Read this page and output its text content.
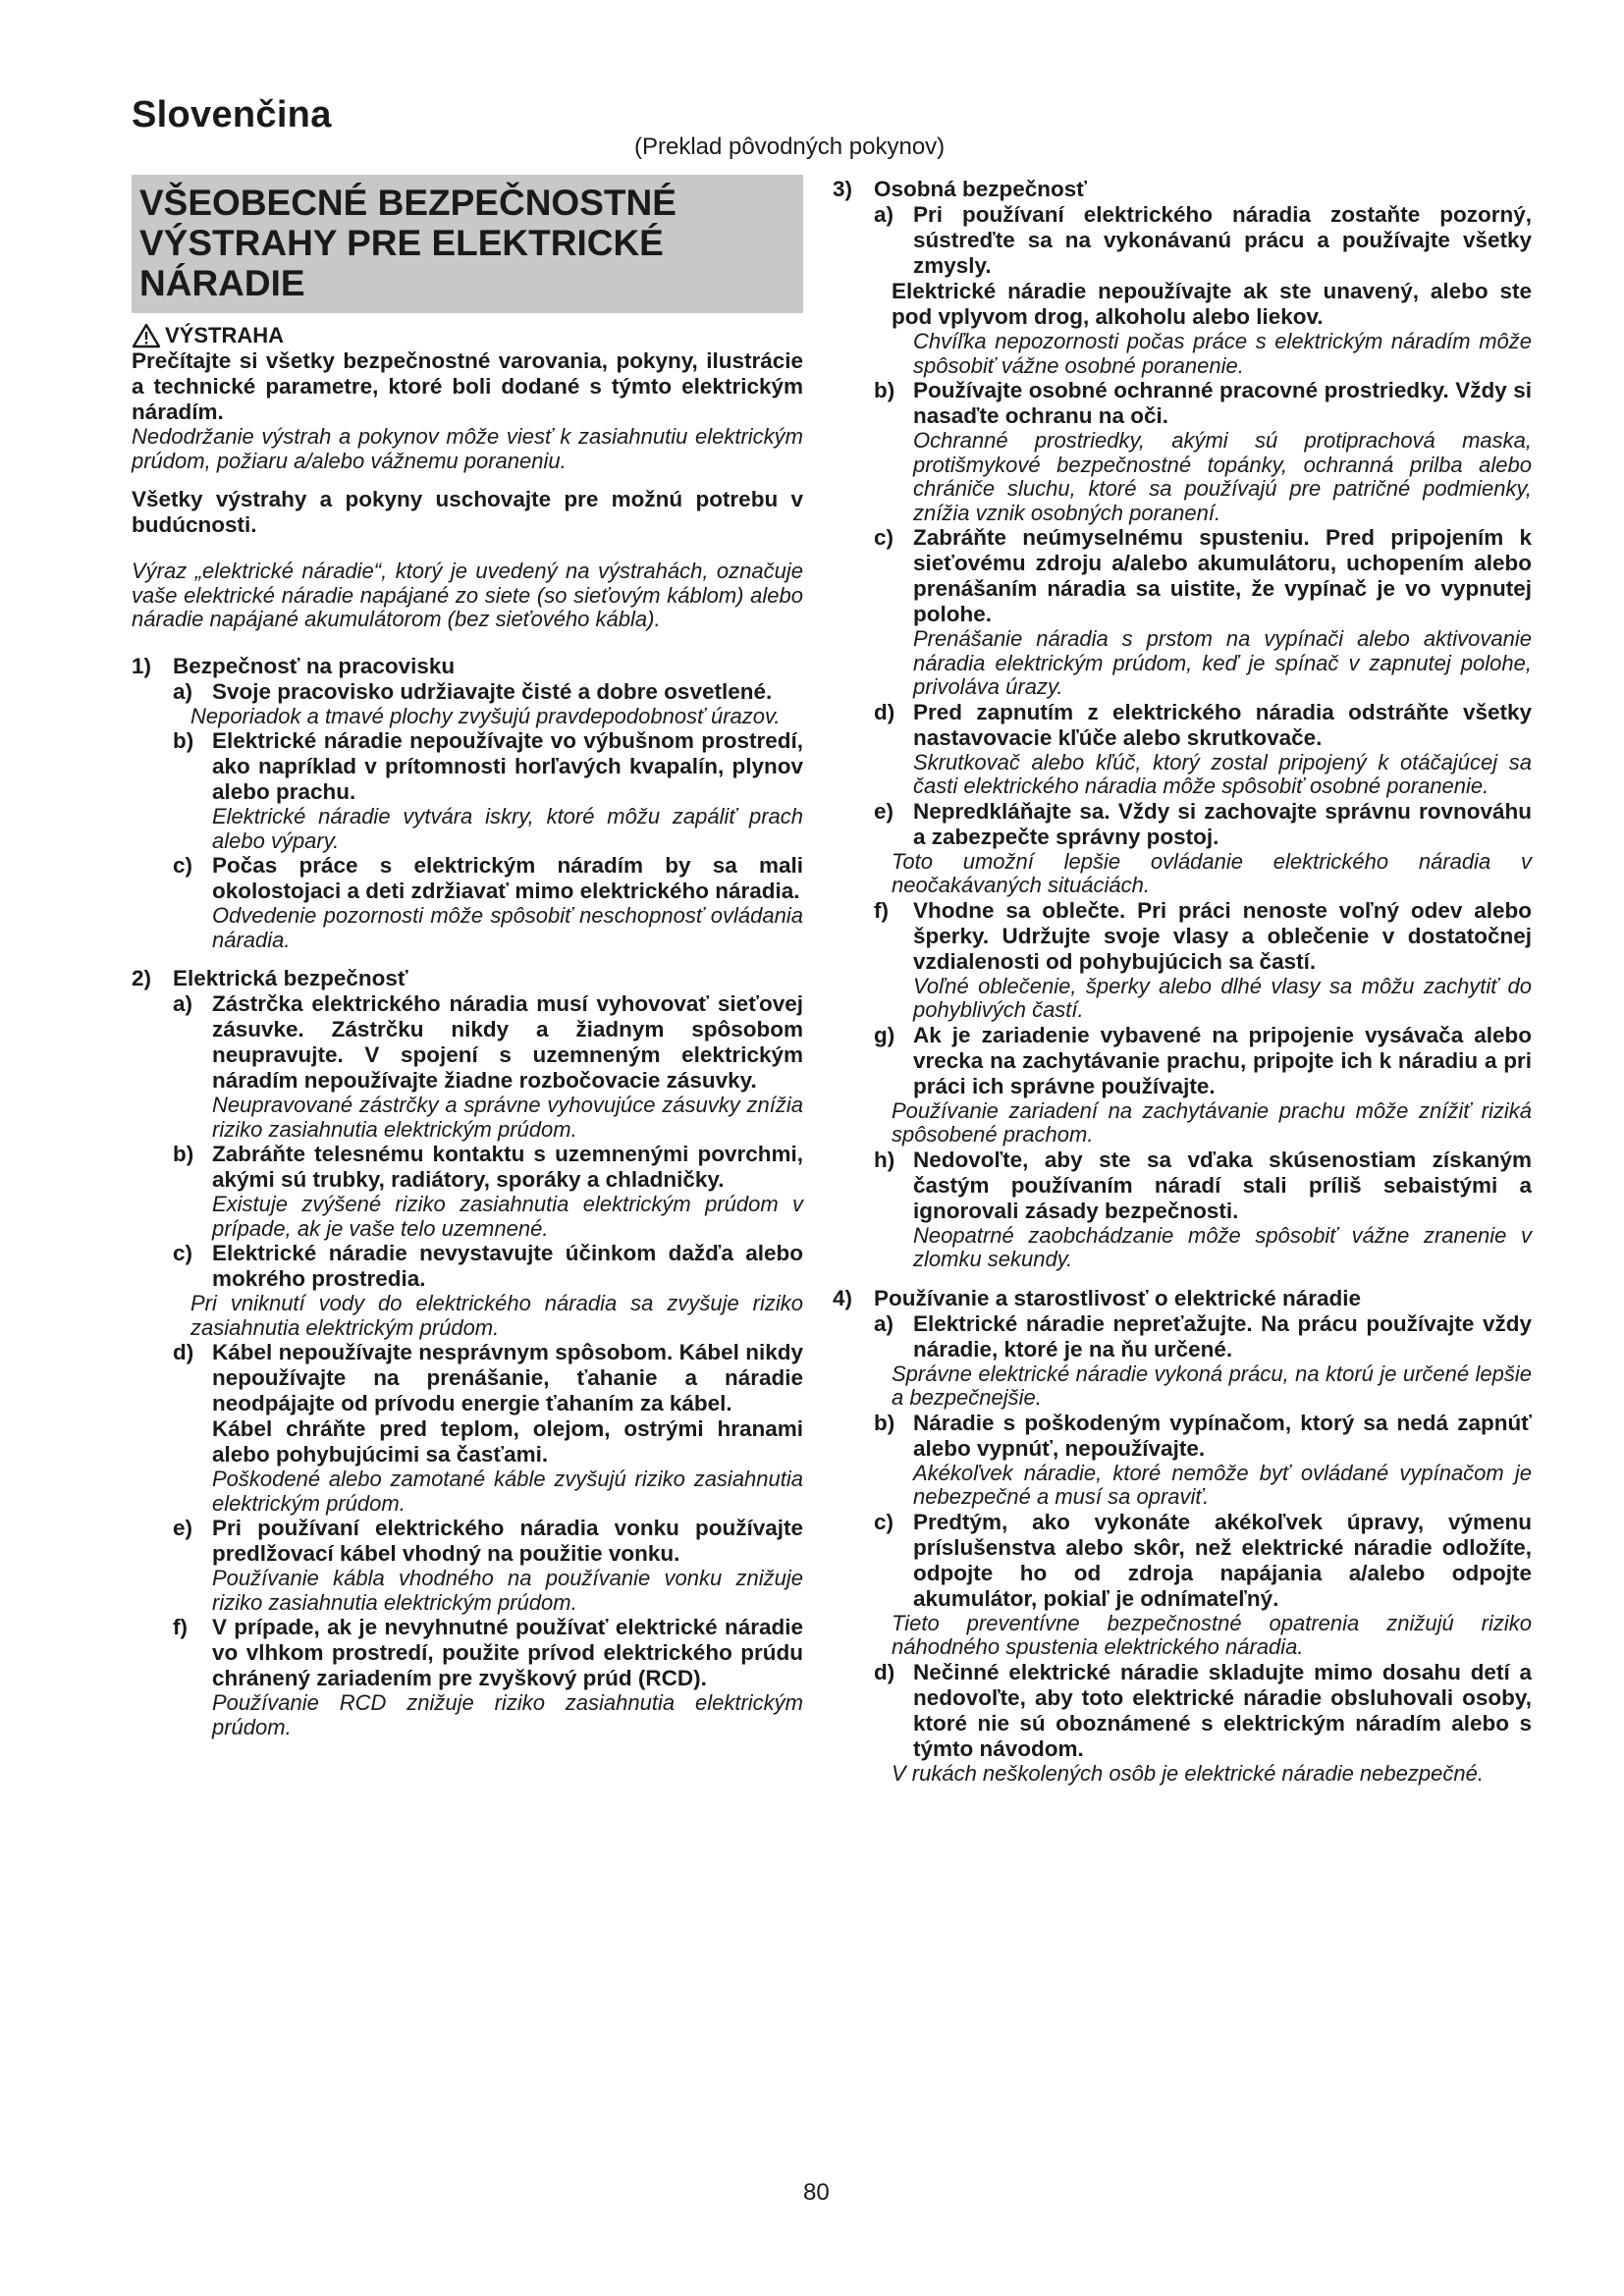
Slovenčina
(Preklad pôvodných pokynov)
VŠEOBECNÉ BEZPEČNOSTNÉ
VÝSTRAHY PRE ELEKTRICKÉ
NÁRADIE
VÝSTRAHA

Prečítajte si všetky bezpečnostné varovania, pokyny, ilustrácie a technické parametre, ktoré boli dodané s týmto elektrickým náradím.

Nedodržanie výstrah a pokynov môže viesť k zasiahnutiu elektrickým prúdom, požiaru a/alebo vážnemu poraneniu.

Všetky výstrahy a pokyny uschovajte pre možnú potrebu v budúcnosti.

Výraz „elektrické náradie“, ktorý je uvedený na výstrahách, označuje vaše elektrické náradie napájané zo siete (so sieťovým káblom) alebo náradie napájané akumulátorom (bez sieťového kábla).

1) Bezpečnosť na pracovisku
a) Svoje pracovisko udržiavajte čisté a dobre osvetlené.

Neporiadok a tmavé plochy zvyšujú pravdepodobnosť úrazov.

b) Elektrické náradie nepoužívajte vo výbušnom prostredí, ako napríklad v prítomnosti horľavých kvapalín, plynov alebo prachu.

Elektrické náradie vytvára iskry, ktoré môžu zapáliť prach alebo výpary.

c) Počas práce s elektrickým náradím by sa mali okolostojaci a deti zdržiavať mimo elektrického náradia.

Odvedenie pozornosti môže spôsobiť neschopnosť ovládania náradia.

2) Elektrická bezpečnosť
a) Zástrčka elektrického náradia musí vyhovovať sieťovej zásuvke. Zástrčku nikdy a žiadnym spôsobom neupravujte. V spojení s uzemneným elektrickým náradím nepoužívajte žiadne rozbočovacie zásuvky.

Neupravované zástrčky a správne vyhovujúce zásuvky znížia riziko zasiahnutia elektrickým prúdom.

b) Zabráňte telesnému kontaktu s uzemnenými povrchmi, akými sú trubky, radiátory, sporáky a chladničky.

Existuje zvýšené riziko zasiahnutia elektrickým prúdom v prípade, ak je vaše telo uzemnené.

c) Elektrické náradie nevystavujte účinkom dažďa alebo mokrého prostredia.

Pri vniknutí vody do elektrického náradia sa zvyšuje riziko zasiahnutia elektrickým prúdom.

d) Kábel nepoužívajte nesprávnym spôsobom. Kábel nikdy nepoužívajte na prenášanie, ťahanie a náradie neodpájajte od prívodu energie ťahaním za kábel.

Kábel chráňte pred teplom, olejom, ostrými hranami alebo pohybujúcimi sa časťami.

Poškodené alebo zamotané káble zvyšujú riziko zasiahnutia elektrickým prúdom.

e) Pri používaní elektrického náradia vonku používajte predlžovací kábel vhodný na použitie vonku.

Používanie kábla vhodného na používanie vonku znižuje riziko zasiahnutia elektrickým prúdom.

f)	V prípade, ak je nevyhnutné používať elektrické náradie vo vlhkom prostredí, použite prívod elektrického prúdu chránený zariadením pre zvyškový prúd (RCD).

Používanie RCD znižuje riziko zasiahnutia elektrickým prúdom.

3) Osobná bezpečnosť
a) Pri používaní elektrického náradia zostaňte pozorný, sústreďte sa na vykonávanú prácu a používajte všetky zmysly.

Elektrické náradie nepoužívajte ak ste unavený, alebo ste pod vplyvom drog, alkoholu alebo liekov.

Chvíľka nepozornosti počas práce s elektrickým náradím môže spôsobiť vážne osobné poranenie.

b) Používajte osobné ochranné pracovné prostriedky. Vždy si nasaďte ochranu na oči.

Ochranné prostriedky, akými sú protiprachová maska, protišmykové bezpečnostné topánky, ochranná prilba alebo chrániče sluchu, ktoré sa používajú pre patričné podmienky, znížia vznik osobných poranení.

c) Zabráňte neúmyselnému spusteniu. Pred pripojením k sieťovému zdroju a/alebo akumulátoru, uchopením alebo prenášaním náradia sa uistite, že vypínač je vo vypnutej polohe.

Prenášanie náradia s prstom na vypínači alebo aktivovanie náradia elektrickým prúdom, keď je spínač v zapnutej polohe, privoláva úrazy.

d) Pred zapnutím z elektrického náradia odstráňte všetky nastavovacie kľúče alebo skrutkovače.

Skrutkovač alebo kľúč, ktorý zostal pripojený k otáčajúcej sa časti elektrického náradia môže spôsobiť osobné poranenie.

e) Nepredkláňajte sa. Vždy si zachovajte správnu rovnováhu a zabezpečte správny postoj.

Toto umožní lepšie ovládanie elektrického náradia v neočakávaných situáciách.

f)	Vhodne sa oblečte. Pri práci nenoste voľný odev alebo šperky. Udržujte svoje vlasy a oblečenie v dostatočnej vzdialenosti od pohybujúcich sa častí.

Voľné oblečenie, šperky alebo dlhé vlasy sa môžu zachytiť do pohyblivých častí.

g) Ak je zariadenie vybavené na pripojenie vysávača alebo vrecka na zachytávanie prachu, pripojte ich k náradiu a pri práci ich správne používajte.

Používanie zariadení na zachytávanie prachu môže znížiť riziká spôsobené prachom.

h) Nedovoľte, aby ste sa vďaka skúsenostiam získaným častým používaním náradí stali príliš sebaistými a ignorovali zásady bezpečnosti.

Neopatrné zaobchádzanie môže spôsobiť vážne zranenie v zlomku sekundy.

4) Používanie a starostlivosť o elektrické náradie
a) Elektrické náradie nepreťažujte. Na prácu používajte vždy náradie, ktoré je na ňu určené.

Správne elektrické náradie vykoná prácu, na ktorú je určené lepšie a bezpečnejšie.

b) Náradie s poškodeným vypínačom, ktorý sa nedá zapnúť alebo vypnúť, nepoužívajte.

Akékoľvek náradie, ktoré nemôže byť ovládané vypínačom je nebezpečné a musí sa opraviť.

c) Predtým, ako vykonáte akékoľvek úpravy, výmenu príslušenstva alebo skôr, než elektrické náradie odložíte, odpojte ho od zdroja napájania a/alebo odpojte akumulátor, pokiaľ je odnímateľný.

Tieto preventívne bezpečnostné opatrenia znižujú riziko náhodného spustenia elektrického náradia.

d) Nečinné elektrické náradie skladujte mimo dosahu detí a nedovoľte, aby toto elektrické náradie obsluhovali osoby, ktoré nie sú oboznámené s elektrickým náradím alebo s týmto návodom.

V rukách neškolených osôb je elektrické náradie nebezpečné.

80
